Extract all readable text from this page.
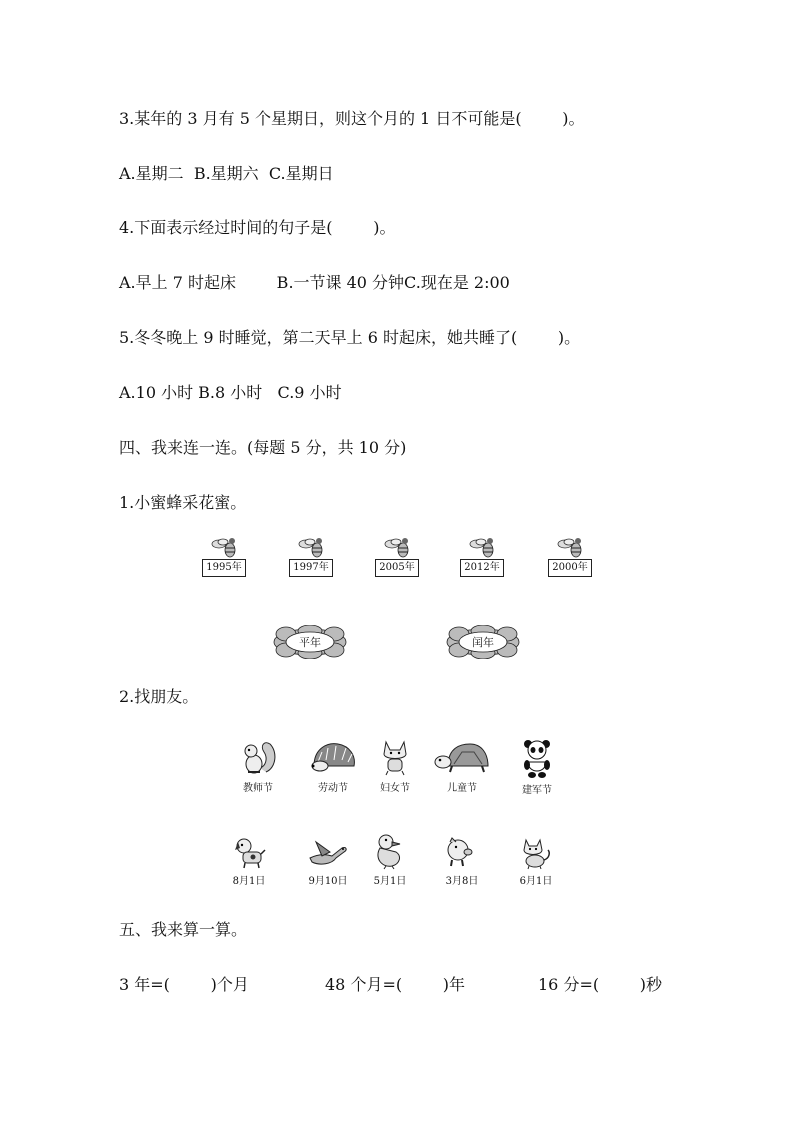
3.某年的 3 月有 5 个星期日，则这个月的 1 日不可能是(        )。
A.星期二  B.星期六  C.星期日
4.下面表示经过时间的句子是(        )。
A.早上 7 时起床        B.一节课 40 分钟C.现在是 2:00
5.冬冬晚上 9 时睡觉，第二天早上 6 时起床，她共睡了(        )。
A.10 小时 B.8 小时   C.9 小时
四、我来连一连。(每题 5 分，共 10 分)
1.小蜜蜂采花蜜。
1995年	1997年	2005年	2012年	2000年
平年	闰年
2.找朋友。
教师节	劳动节	妇女节	儿童节	建军节
8月1日	9月10日	5月1日	3月8日	6月1日
五、我来算一算。
3 年=(        )个月	48 个月=(        )年	16 分=(        )秒
